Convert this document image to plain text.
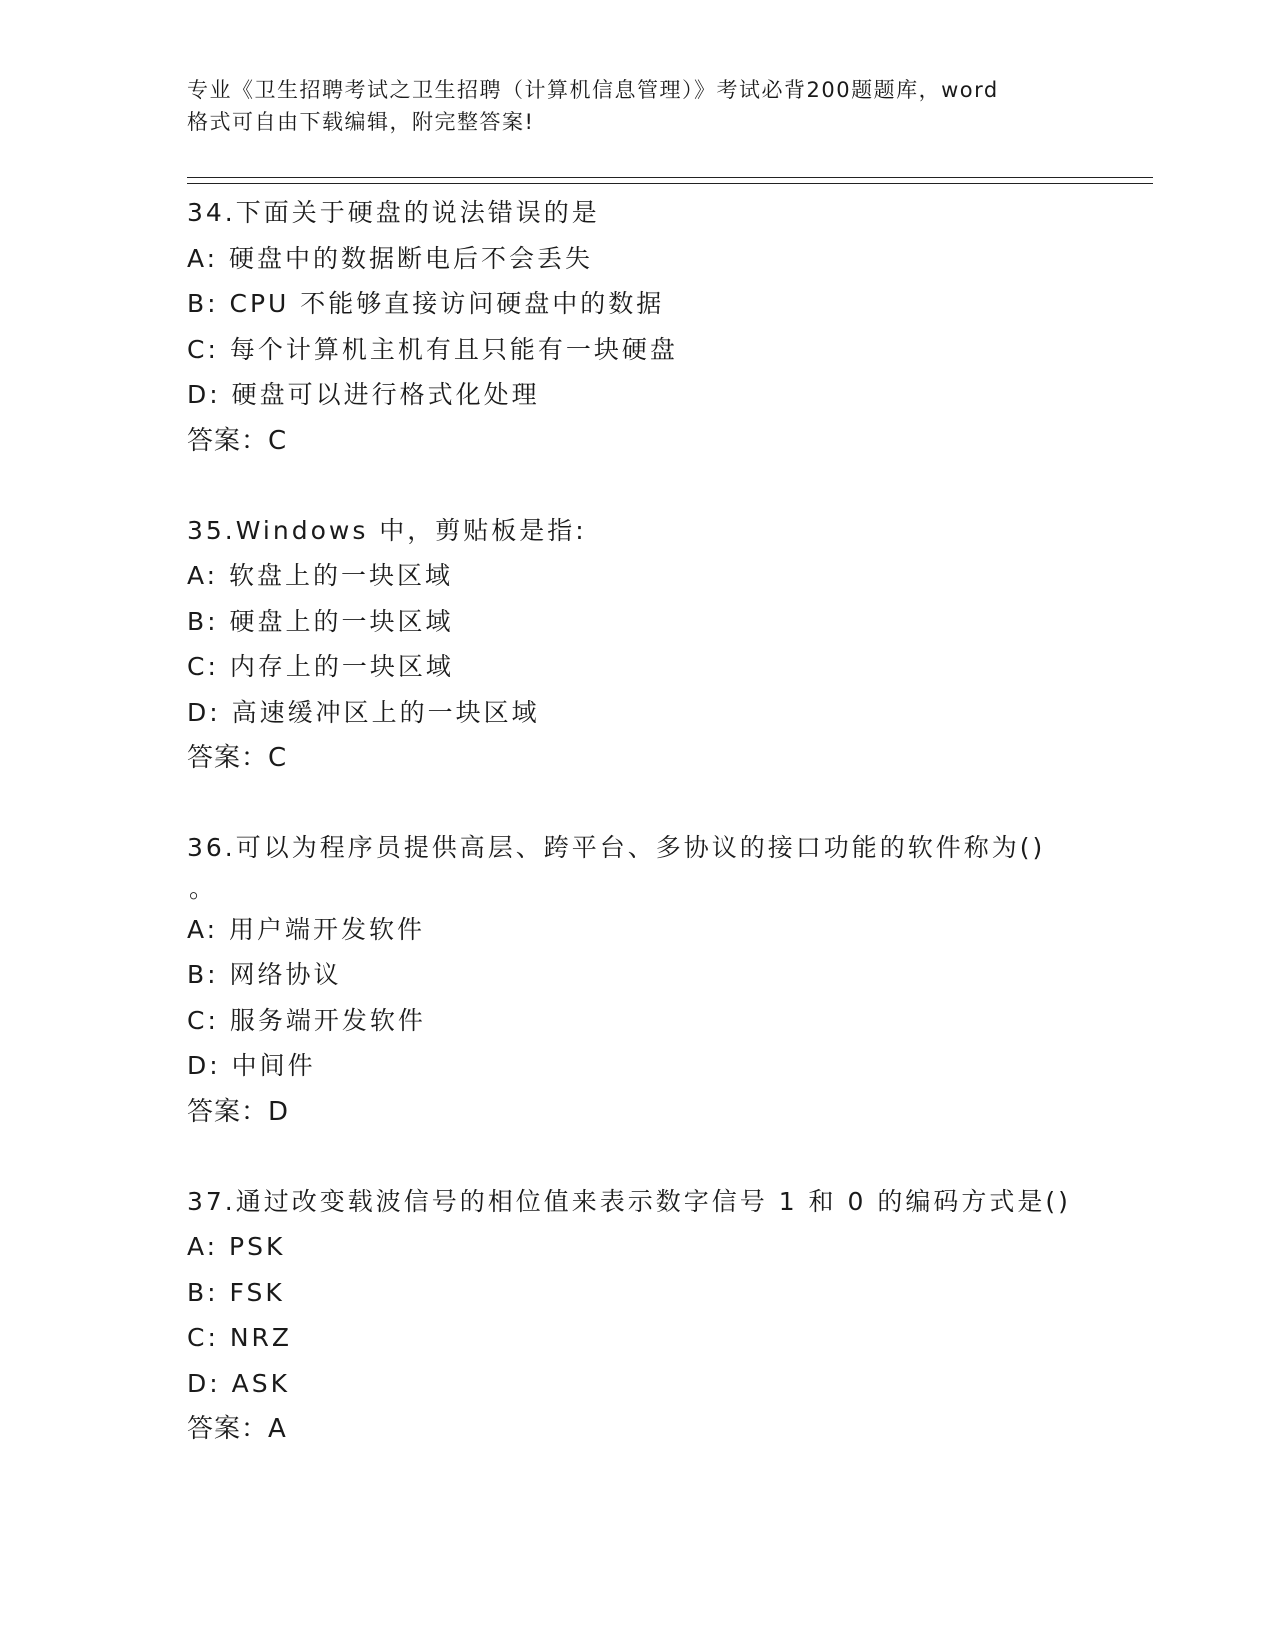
专业《卫生招聘考试之卫生招聘（计算机信息管理）》考试必背200题题库，word
格式可自由下载编辑，附完整答案!
34.下面关于硬盘的说法错误的是
A: 硬盘中的数据断电后不会丢失
B: CPU 不能够直接访问硬盘中的数据
C: 每个计算机主机有且只能有一块硬盘
D: 硬盘可以进行格式化处理
答案：C
35.Windows 中，剪贴板是指:
A: 软盘上的一块区域
B: 硬盘上的一块区域
C: 内存上的一块区域
D: 高速缓冲区上的一块区域
答案：C
36.可以为程序员提供高层、跨平台、多协议的接口功能的软件称为()
。
A: 用户端开发软件
B: 网络协议
C: 服务端开发软件
D: 中间件
答案：D
37.通过改变载波信号的相位值来表示数字信号 1 和 0 的编码方式是()
A: PSK
B: FSK
C: NRZ
D: ASK
答案：A
